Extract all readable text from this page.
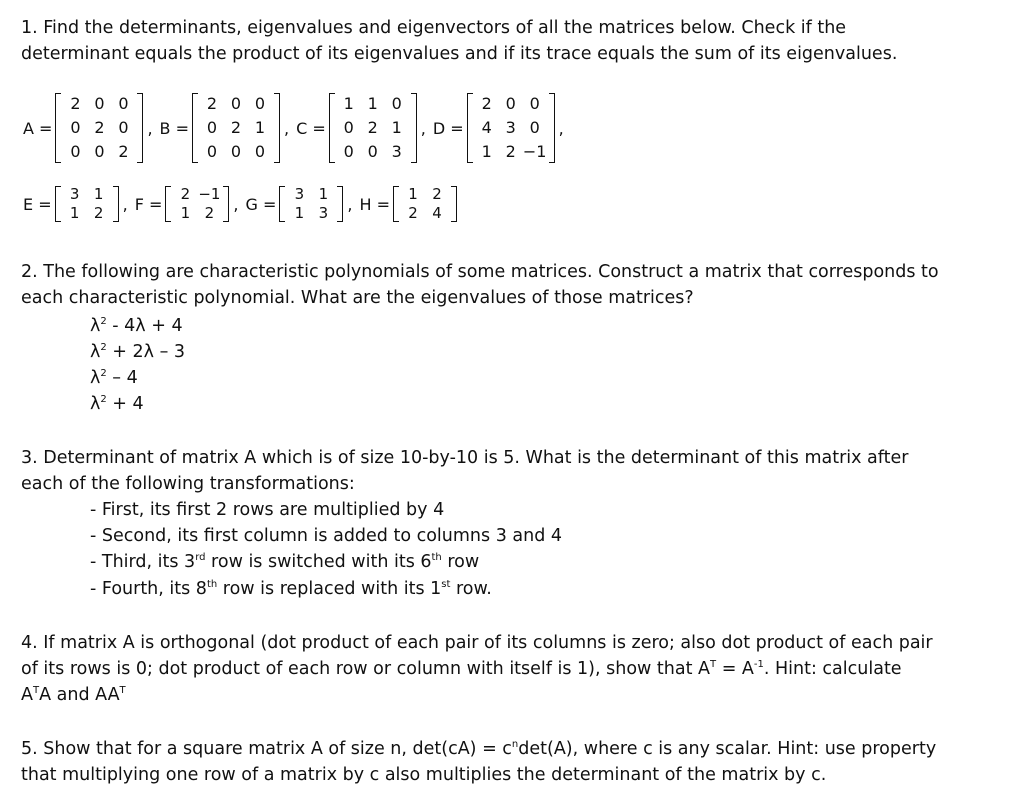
1. Find the determinants, eigenvalues and eigenvectors of all the matrices below. Check if the
determinant equals the product of its eigenvalues and if its trace equals the sum of its eigenvalues.
A =
2 0 0
0 2 0
0 0 2
, B =
2 0 0
0 2 1
0 0 0
, C =
1 1 0
0 2 1
0 0 3
, D =
2 0 0
4 3 0
1 2 −1
,
E =
3 1
1 2	, F =
2 −1
1 2	, G =
3 1
1 3	, H =
1 2
2 4
2. The following are characteristic polynomials of some matrices. Construct a matrix that corresponds to
each characteristic polynomial. What are the eigenvalues of those matrices?
$\lambda^2 - 4\lambda + 4$
$\lambda^2 + 2\lambda - 3$
$\lambda^2 - 4$
$\lambda^2 + 4$
3. Determinant of matrix A which is of size 10-by-10 is 5. What is the determinant of this matrix after
each of the following transformations:
- First, its first 2 rows are multiplied by 4
- Second, its first column is added to columns 3 and 4
- Third, its 3rd row is switched with its 6th row
- Fourth, its 8th row is replaced with its 1st row.
4. If matrix A is orthogonal (dot product of each pair of its columns is zero; also dot product of each pair
of its rows is 0; dot product of each row or column with itself is 1), show that $A^T = A^{-1}$. Hint: calculate
$A^TA$ and $AA^T$
5. Show that for a square matrix A of size n, $\det(cA) = c^n\det(A)$, where c is any scalar. Hint: use property
that multiplying one row of a matrix by c also multiplies the determinant of the matrix by c.
